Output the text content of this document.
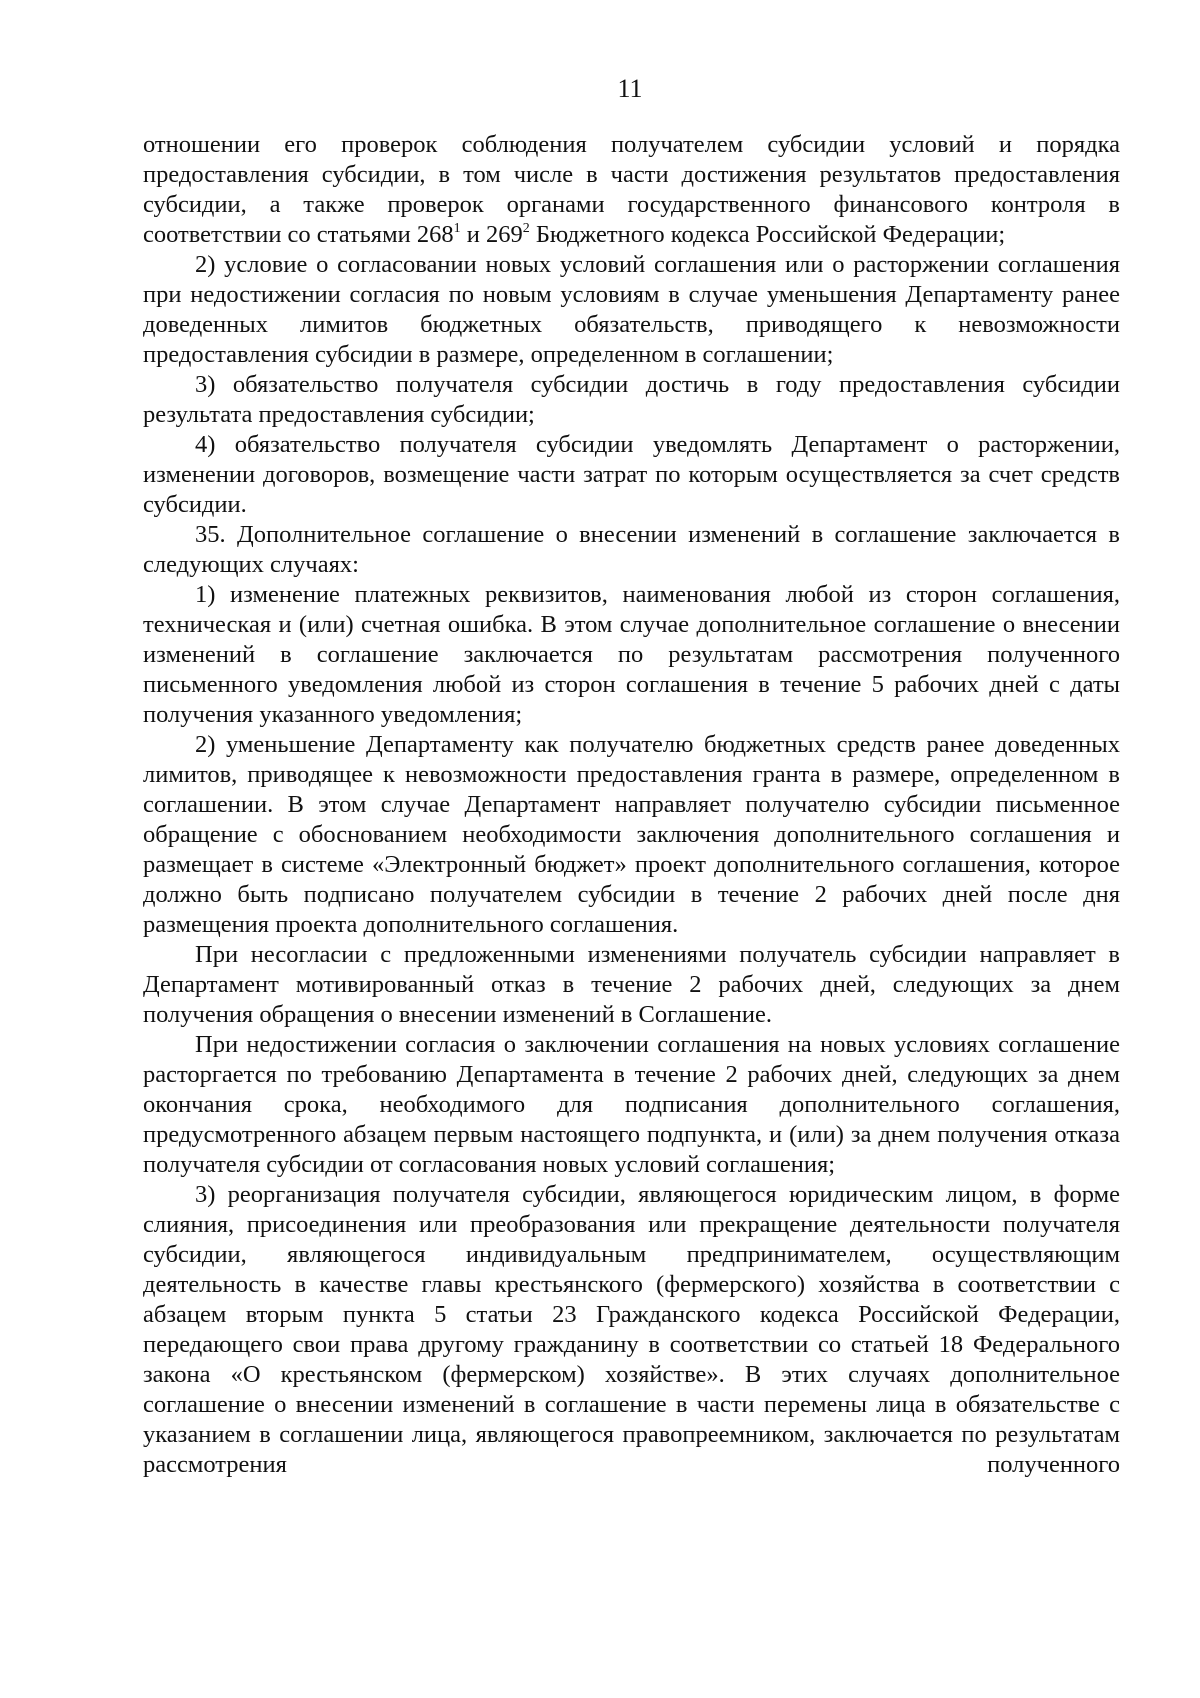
11

отношении его проверок соблюдения получателем субсидии условий и порядка предоставления субсидии, в том числе в части достижения результатов предоставления субсидии, а также проверок органами государственного финансового контроля в соответствии со статьями $268^1$ и $269^2$ Бюджетного кодекса Российской Федерации;

2) условие о согласовании новых условий соглашения или о расторжении соглашения при недостижении согласия по новым условиям в случае уменьшения Департаменту ранее доведенных лимитов бюджетных обязательств, приводящего к невозможности предоставления субсидии в размере, определенном в соглашении;

3) обязательство получателя субсидии достичь в году предоставления субсидии результата предоставления субсидии;

4) обязательство получателя субсидии уведомлять Департамент о расторжении, изменении договоров, возмещение части затрат по которым осуществляется за счет средств субсидии.

35. Дополнительное соглашение о внесении изменений в соглашение заключается в следующих случаях:

1) изменение платежных реквизитов, наименования любой из сторон соглашения, техническая и (или) счетная ошибка. В этом случае дополнительное соглашение о внесении изменений в соглашение заключается по результатам рассмотрения полученного письменного уведомления любой из сторон соглашения в течение 5 рабочих дней с даты получения указанного уведомления;

2) уменьшение Департаменту как получателю бюджетных средств ранее доведенных лимитов, приводящее к невозможности предоставления гранта в размере, определенном в соглашении. В этом случае Департамент направляет получателю субсидии письменное обращение с обоснованием необходимости заключения дополнительного соглашения и размещает в системе «Электронный бюджет» проект дополнительного соглашения, которое должно быть подписано получателем субсидии в течение 2 рабочих дней после дня размещения проекта дополнительного соглашения.

При несогласии с предложенными изменениями получатель субсидии направляет в Департамент мотивированный отказ в течение 2 рабочих дней, следующих за днем получения обращения о внесении изменений в Соглашение.

При недостижении согласия о заключении соглашения на новых условиях соглашение расторгается по требованию Департамента в течение 2 рабочих дней, следующих за днем окончания срока, необходимого для подписания дополнительного соглашения, предусмотренного абзацем первым настоящего подпункта, и (или) за днем получения отказа получателя субсидии от согласования новых условий соглашения;

3) реорганизация получателя субсидии, являющегося юридическим лицом, в форме слияния, присоединения или преобразования или прекращение деятельности получателя субсидии, являющегося индивидуальным предпринимателем, осуществляющим деятельность в качестве главы крестьянского (фермерского) хозяйства в соответствии с абзацем вторым пункта 5 статьи 23 Гражданского кодекса Российской Федерации, передающего свои права другому гражданину в соответствии со статьей 18 Федерального закона «О крестьянском (фермерском) хозяйстве». В этих случаях дополнительное соглашение о внесении изменений в соглашение в части перемены лица в обязательстве с указанием в соглашении лица, являющегося правопреемником, заключается по результатам рассмотрения полученного
